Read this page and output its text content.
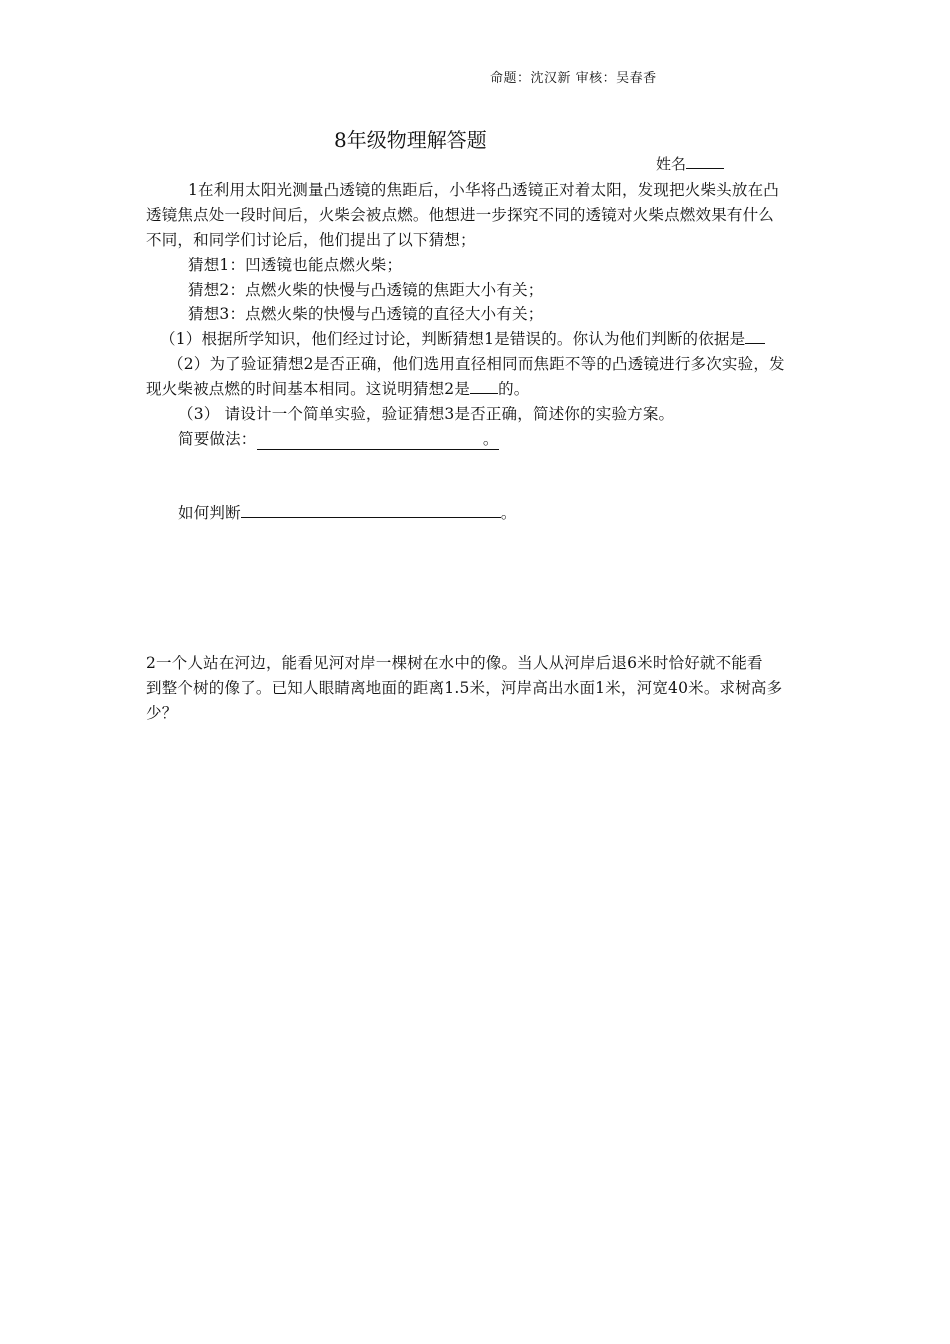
命题：沈汉新 审核：吴春香
8年级物理解答题
姓名
1在利用太阳光测量凸透镜的焦距后，小华将凸透镜正对着太阳，发现把火柴头放在凸
透镜焦点处一段时间后，火柴会被点燃。他想进一步探究不同的透镜对火柴点燃效果有什么
不同，和同学们讨论后，他们提出了以下猜想；
猜想1：凹透镜也能点燃火柴；
猜想2：点燃火柴的快慢与凸透镜的焦距大小有关；
猜想3：点燃火柴的快慢与凸透镜的直径大小有关；
（1）根据所学知识，他们经过讨论，判断猜想1是错误的。你认为他们判断的依据是
（2）为了验证猜想2是否正确，他们选用直径相同而焦距不等的凸透镜进行多次实验，发
现火柴被点燃的时间基本相同。这说明猜想2是 的。
（3） 请设计一个简单实验，验证猜想3是否正确，简述你的实验方案。
简要做法：	。
如何判断	。
2一个人站在河边，能看见河对岸一棵树在水中的像。当人从河岸后退6米时恰好就不能看
到整个树的像了。已知人眼睛离地面的距离1.5米，河岸高出水面1米，河宽40米。求树高多
少？
